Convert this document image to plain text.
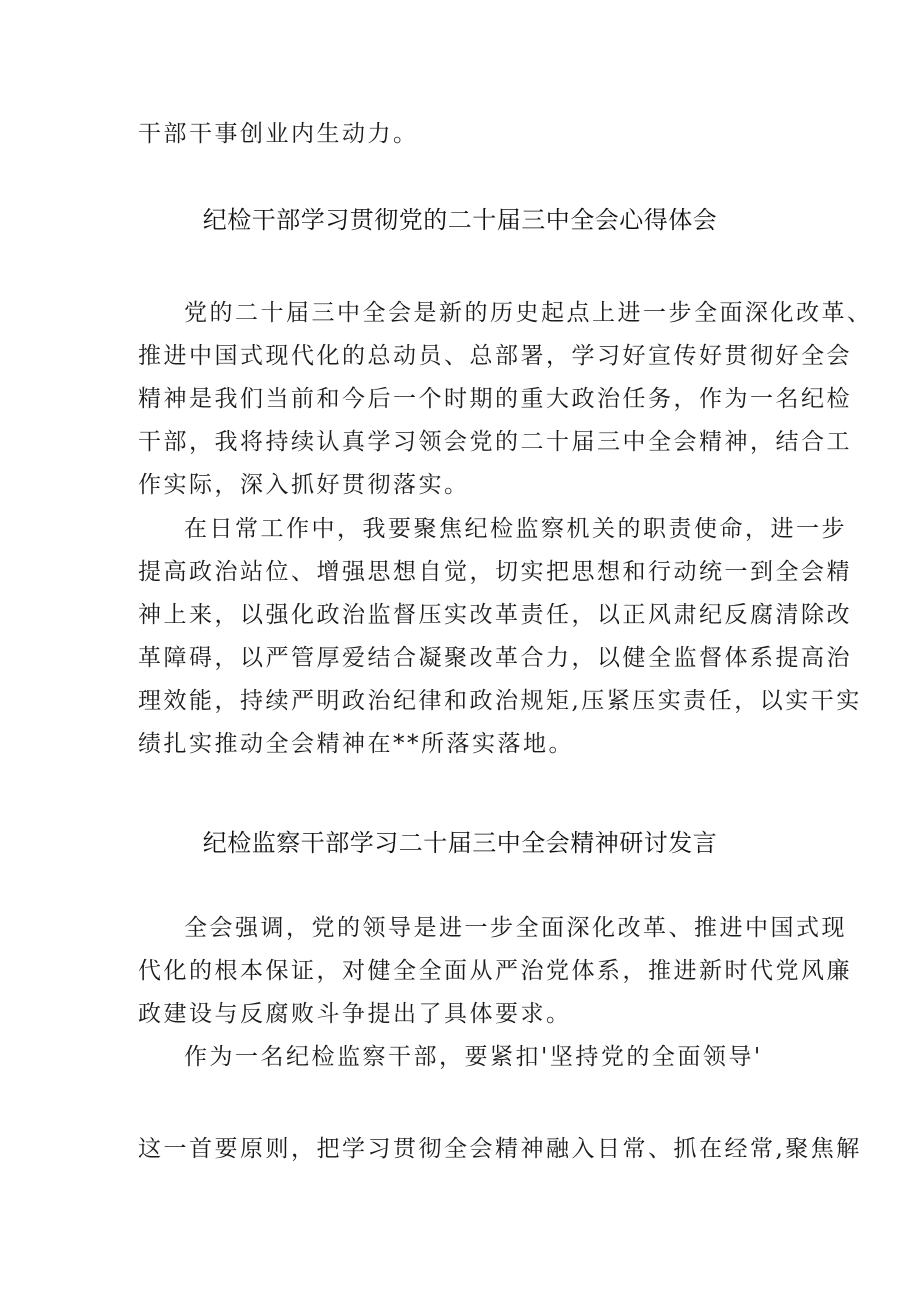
干部干事创业内生动力。
纪检干部学习贯彻党的二十届三中全会心得体会
党的二十届三中全会是新的历史起点上进一步全面深化改革、
推进中国式现代化的总动员、总部署，学习好宣传好贯彻好全会
精神是我们当前和今后一个时期的重大政治任务，作为一名纪检
干部，我将持续认真学习领会党的二十届三中全会精神，结合工
作实际，深入抓好贯彻落实。
在日常工作中，我要聚焦纪检监察机关的职责使命，进一步
提高政治站位、增强思想自觉，切实把思想和行动统一到全会精
神上来，以强化政治监督压实改革责任，以正风肃纪反腐清除改
革障碍，以严管厚爱结合凝聚改革合力，以健全监督体系提高治
理效能，持续严明政治纪律和政治规矩,压紧压实责任，以实干实
绩扎实推动全会精神在**所落实落地。
纪检监察干部学习二十届三中全会精神研讨发言
全会强调，党的领导是进一步全面深化改革、推进中国式现
代化的根本保证，对健全全面从严治党体系，推进新时代党风廉
政建设与反腐败斗争提出了具体要求。
作为一名纪检监察干部，要紧扣'坚持党的全面领导'
这一首要原则，把学习贯彻全会精神融入日常、抓在经常,聚焦解
